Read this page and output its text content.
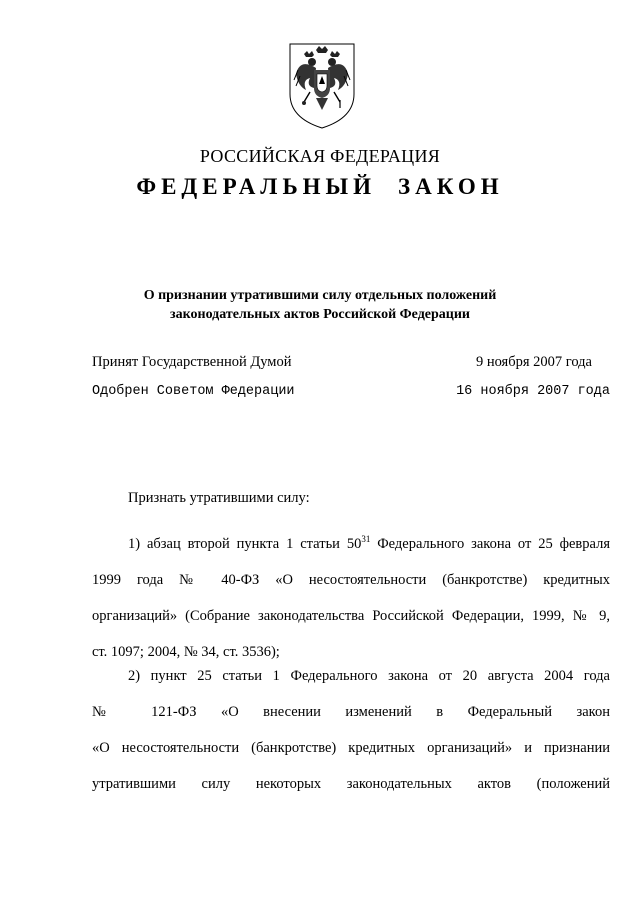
РОССИЙСКАЯ ФЕДЕРАЦИЯ
ФЕДЕРАЛЬНЫЙ ЗАКОН
О признании утратившими силу отдельных положений
законодательных актов Российской Федерации
Принят Государственной Думой	9 ноября 2007 года
Одобрен Советом Федерации	16 ноября 2007 года
Признать утратившими силу:
1) абзац второй пункта 1 статьи $50^{31}$ Федерального закона от 25 февраля
1999 года № 40-ФЗ «О несостоятельности (банкротстве) кредитных
организаций» (Собрание законодательства Российской Федерации, 1999, № 9,
ст. 1097; 2004, № 34, ст. 3536);
2) пункт 25 статьи 1 Федерального закона от 20 августа 2004 года
№ 121-ФЗ «О внесении изменений в Федеральный закон
«О несостоятельности (банкротстве) кредитных организаций» и признании
утратившими силу некоторых законодательных актов (положений
